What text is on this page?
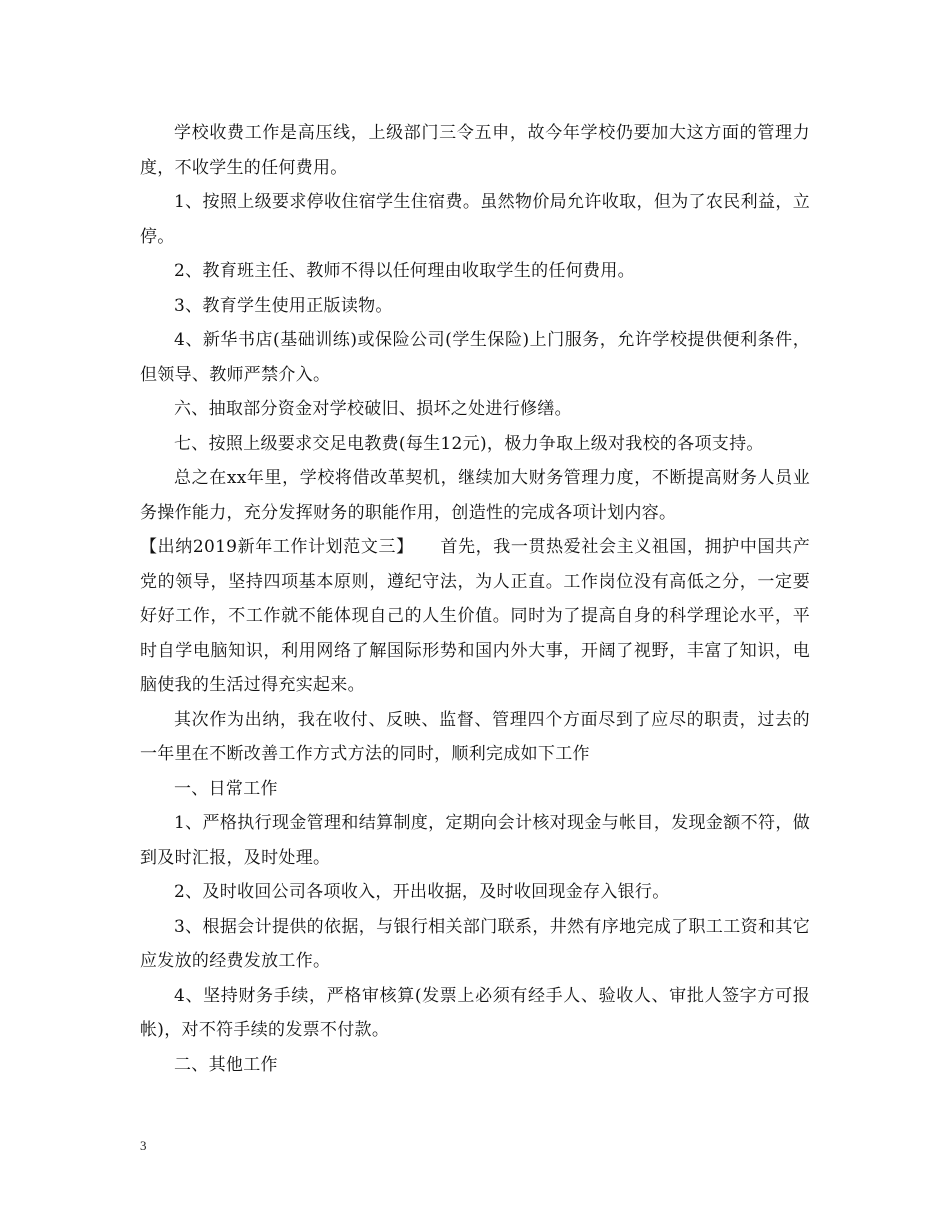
学校收费工作是高压线，上级部门三令五申，故今年学校仍要加大这方面的管理力度，不收学生的任何费用。

1、按照上级要求停收住宿学生住宿费。虽然物价局允许收取，但为了农民利益，立停。

2、教育班主任、教师不得以任何理由收取学生的任何费用。

3、教育学生使用正版读物。

4、新华书店(基础训练)或保险公司(学生保险)上门服务，允许学校提供便利条件，但领导、教师严禁介入。

六、抽取部分资金对学校破旧、损坏之处进行修缮。

七、按照上级要求交足电教费(每生12元)，极力争取上级对我校的各项支持。

总之在xx年里，学校将借改革契机，继续加大财务管理力度，不断提高财务人员业务操作能力，充分发挥财务的职能作用，创造性的完成各项计划内容。

【出纳2019新年工作计划范文三】　　首先，我一贯热爱社会主义祖国，拥护中国共产党的领导，坚持四项基本原则，遵纪守法，为人正直。工作岗位没有高低之分，一定要好好工作，不工作就不能体现自己的人生价值。同时为了提高自身的科学理论水平，平时自学电脑知识，利用网络了解国际形势和国内外大事，开阔了视野，丰富了知识，电脑使我的生活过得充实起来。

其次作为出纳，我在收付、反映、监督、管理四个方面尽到了应尽的职责，过去的一年里在不断改善工作方式方法的同时，顺利完成如下工作

一、日常工作

1、严格执行现金管理和结算制度，定期向会计核对现金与帐目，发现金额不符，做到及时汇报，及时处理。

2、及时收回公司各项收入，开出收据，及时收回现金存入银行。

3、根据会计提供的依据，与银行相关部门联系，井然有序地完成了职工工资和其它应发放的经费发放工作。

4、坚持财务手续，严格审核算(发票上必须有经手人、验收人、审批人签字方可报帐)，对不符手续的发票不付款。

二、其他工作

3
